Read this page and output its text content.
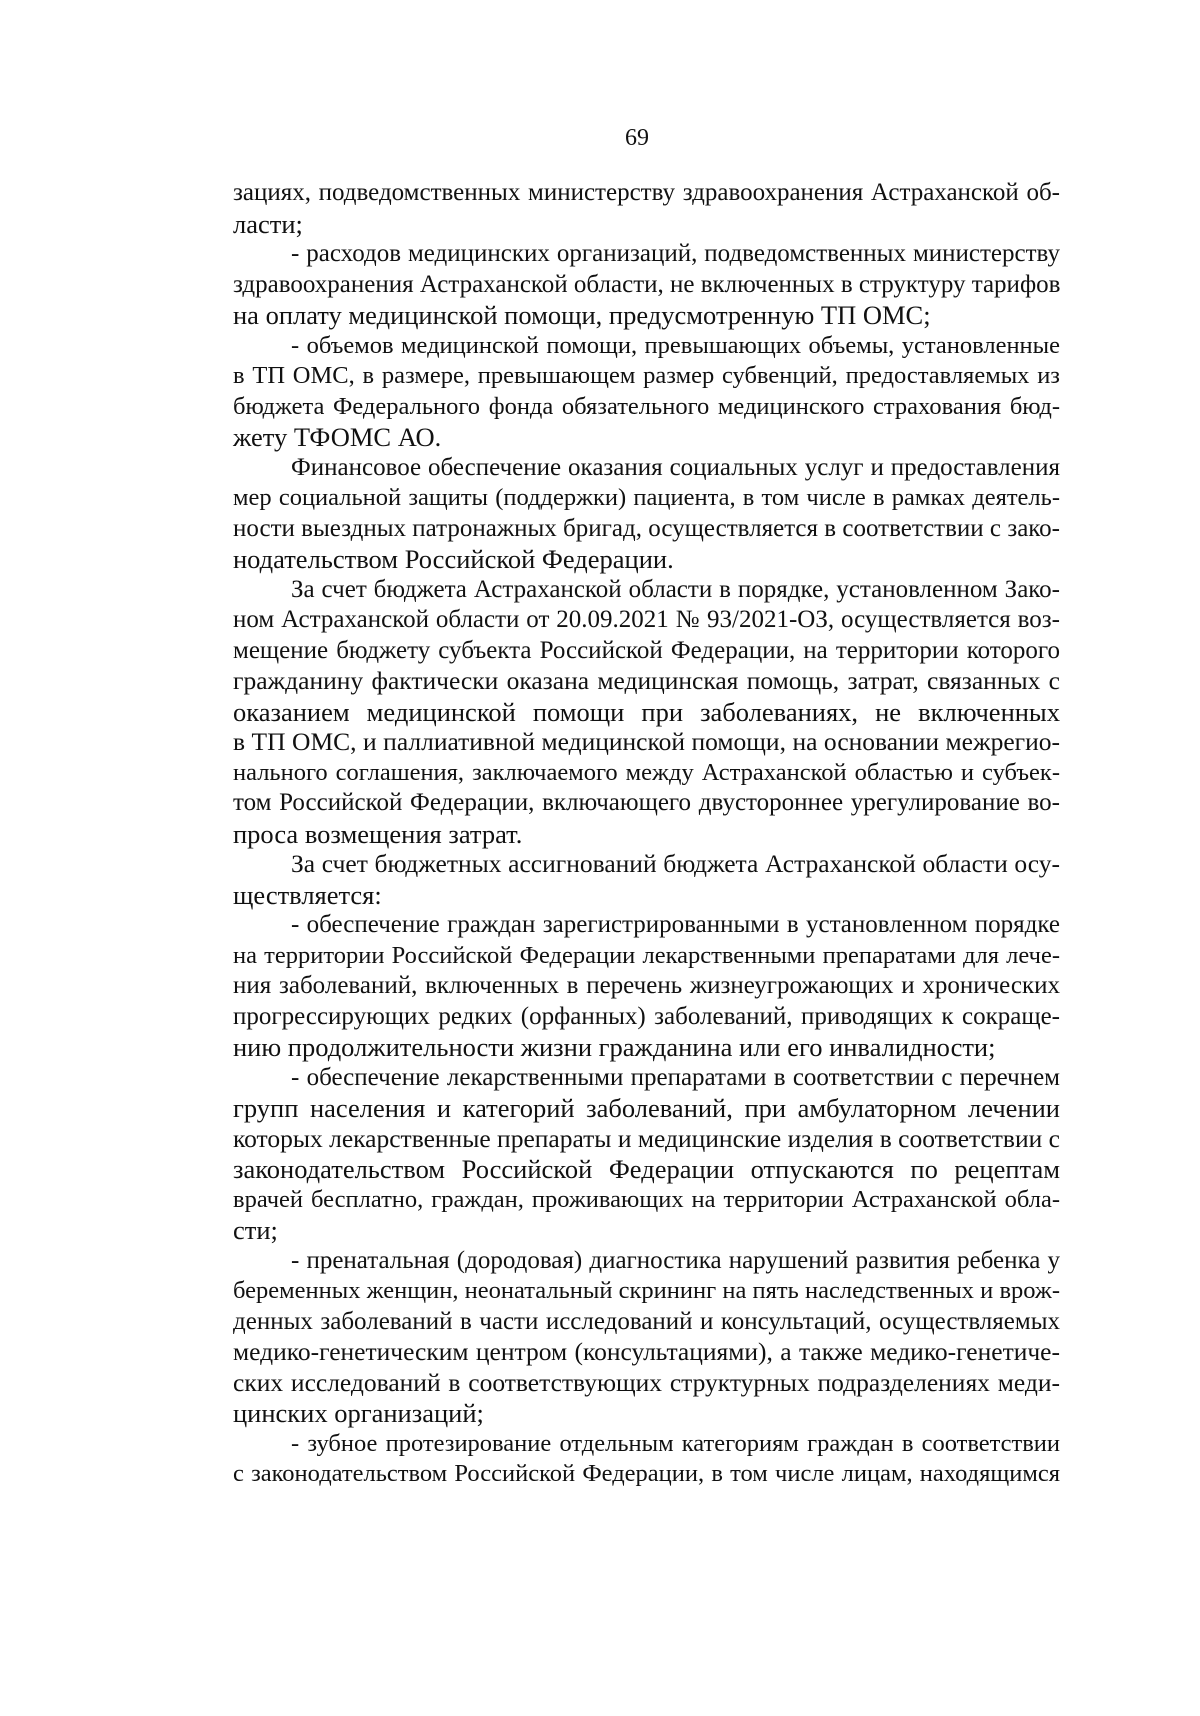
69
зациях, подведомственных министерству здравоохранения Астраханской об-
ласти;
- расходов медицинских организаций, подведомственных министерству
здравоохранения Астраханской области, не включенных в структуру тарифов
на оплату медицинской помощи, предусмотренную ТП ОМС;
- объемов медицинской помощи, превышающих объемы, установленные
в ТП ОМС, в размере, превышающем размер субвенций, предоставляемых из
бюджета Федерального фонда обязательного медицинского страхования бюд-
жету ТФОМС АО.
Финансовое обеспечение оказания социальных услуг и предоставления
мер социальной защиты (поддержки) пациента, в том числе в рамках деятель-
ности выездных патронажных бригад, осуществляется в соответствии с зако-
нодательством Российской Федерации.
За счет бюджета Астраханской области в порядке, установленном Зако-
ном Астраханской области от 20.09.2021 № 93/2021-ОЗ, осуществляется воз-
мещение бюджету субъекта Российской Федерации, на территории которого
гражданину фактически оказана медицинская помощь, затрат, связанных с
оказанием медицинской помощи при заболеваниях, не включенных
в ТП ОМС, и паллиативной медицинской помощи, на основании межрегио-
нального соглашения, заключаемого между Астраханской областью и субъек-
том Российской Федерации, включающего двустороннее урегулирование во-
проса возмещения затрат.
За счет бюджетных ассигнований бюджета Астраханской области осу-
ществляется:
- обеспечение граждан зарегистрированными в установленном порядке
на территории Российской Федерации лекарственными препаратами для лече-
ния заболеваний, включенных в перечень жизнеугрожающих и хронических
прогрессирующих редких (орфанных) заболеваний, приводящих к сокраще-
нию продолжительности жизни гражданина или его инвалидности;
- обеспечение лекарственными препаратами в соответствии с перечнем
групп населения и категорий заболеваний, при амбулаторном лечении
которых лекарственные препараты и медицинские изделия в соответствии с
законодательством Российской Федерации отпускаются по рецептам
врачей бесплатно, граждан, проживающих на территории Астраханской обла-
сти;
- пренатальная (дородовая) диагностика нарушений развития ребенка у
беременных женщин, неонатальный скрининг на пять наследственных и врож-
денных заболеваний в части исследований и консультаций, осуществляемых
медико-генетическим центром (консультациями), а также медико-генетиче-
ских исследований в соответствующих структурных подразделениях меди-
цинских организаций;
- зубное протезирование отдельным категориям граждан в соответствии
с законодательством Российской Федерации, в том числе лицам, находящимся
